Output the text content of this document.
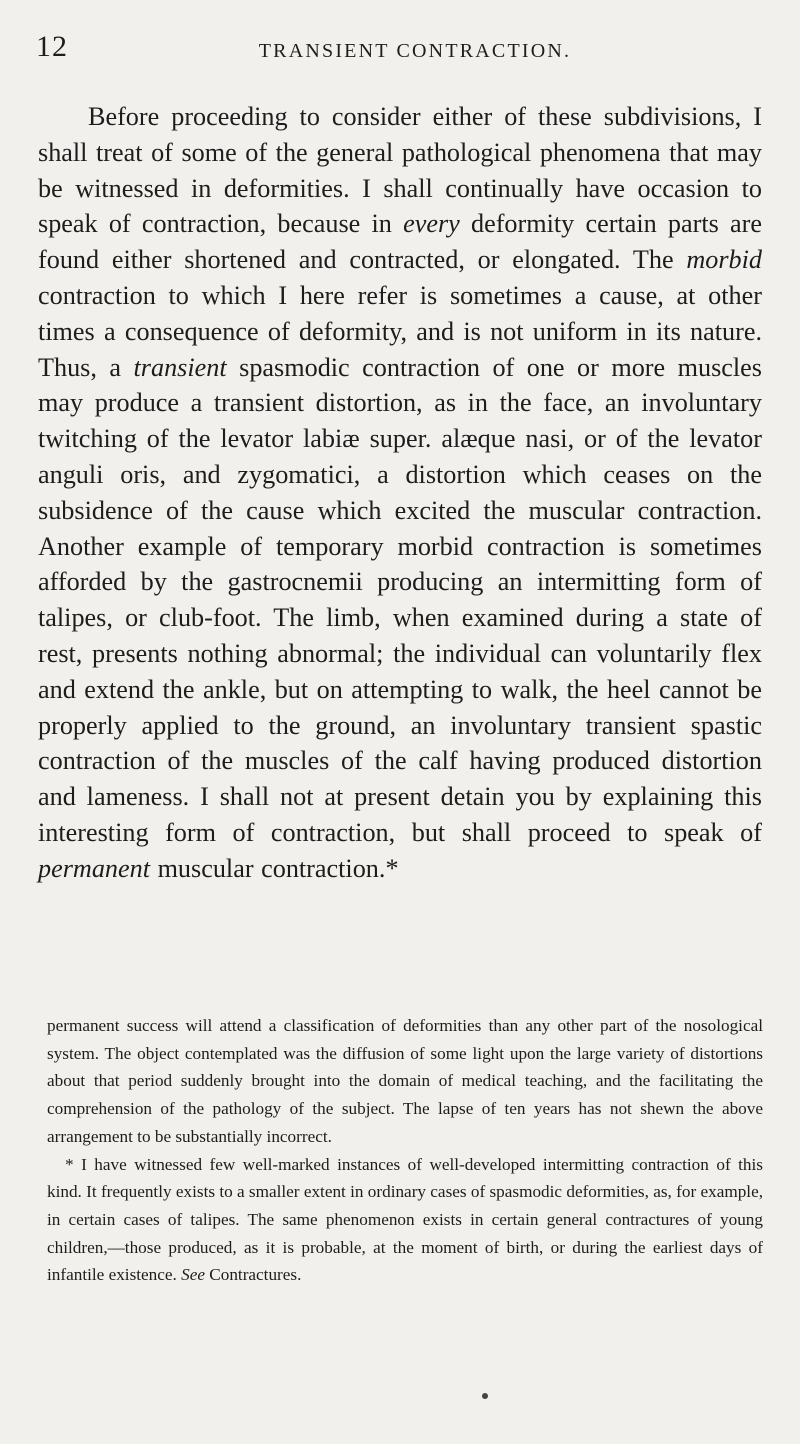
12	TRANSIENT CONTRACTION.

Before proceeding to consider either of these subdivisions, I shall treat of some of the general pathological phenomena that may be witnessed in deformities. I shall continually have occasion to speak of contraction, because in every deformity certain parts are found either shortened and contracted, or elongated. The morbid contraction to which I here refer is sometimes a cause, at other times a consequence of deformity, and is not uniform in its nature. Thus, a transient spasmodic contraction of one or more muscles may produce a transient distortion, as in the face, an involuntary twitching of the levator labiæ super. alæque nasi, or of the levator anguli oris, and zygomatici, a distortion which ceases on the subsidence of the cause which excited the muscular contraction. Another example of temporary morbid contraction is sometimes afforded by the gastrocnemii producing an intermitting form of talipes, or club-foot. The limb, when examined during a state of rest, presents nothing abnormal; the individual can voluntarily flex and extend the ankle, but on attempting to walk, the heel cannot be properly applied to the ground, an involuntary transient spastic contraction of the muscles of the calf having produced distortion and lameness. I shall not at present detain you by explaining this interesting form of contraction, but shall proceed to speak of permanent muscular contraction.*

permanent success will attend a classification of deformities than any other part of the nosological system. The object contemplated was the diffusion of some light upon the large variety of distortions about that period suddenly brought into the domain of medical teaching, and the facilitating the comprehension of the pathology of the subject. The lapse of ten years has not shewn the above arrangement to be substantially incorrect.

* I have witnessed few well-marked instances of well-developed intermitting contraction of this kind. It frequently exists to a smaller extent in ordinary cases of spasmodic deformities, as, for example, in certain cases of talipes. The same phenomenon exists in certain general contractures of young children,—those produced, as it is probable, at the moment of birth, or during the earliest days of infantile existence. See Contractures.
